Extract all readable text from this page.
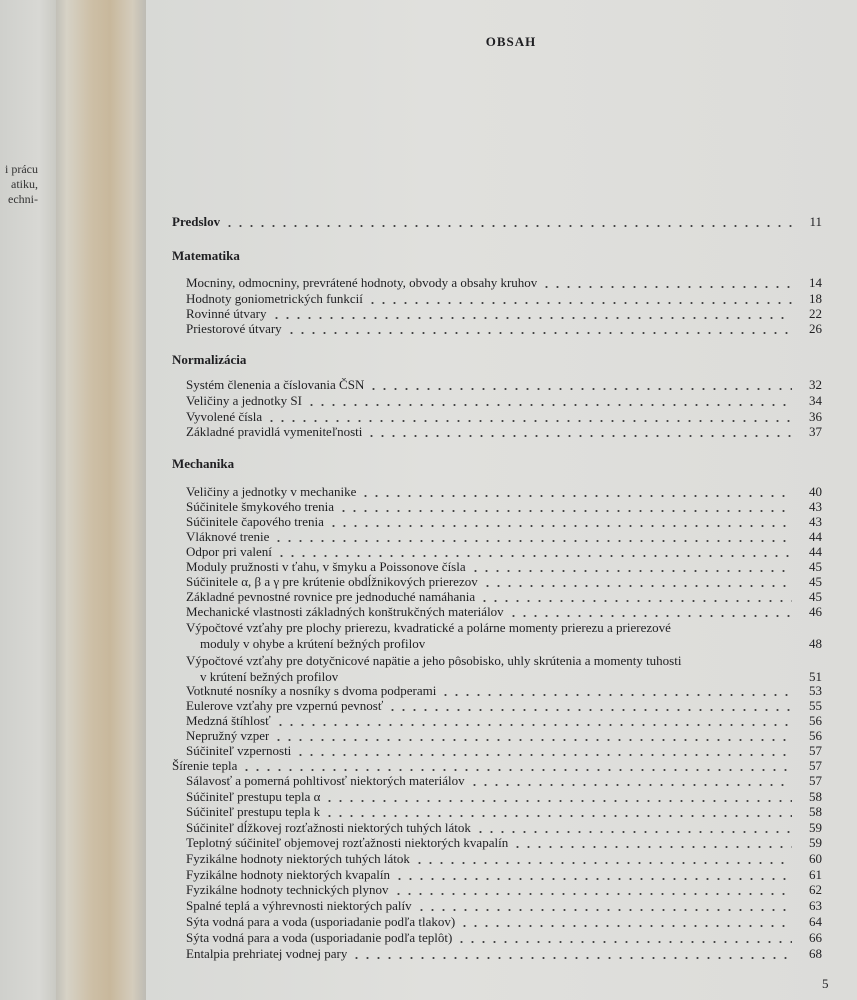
i prácu
atiku,
echni-
OBSAH
Predslov	11
Matematika
Mocniny, odmocniny, prevrátené hodnoty, obvody a obsahy kruhov	14
Hodnoty goniometrických funkcií	18
Rovinné útvary	22
Priestorové útvary	26
Normalizácia
Systém členenia a číslovania ČSN	32
Veličiny a jednotky SI	34
Vyvolené čísla	36
Základné pravidlá vymeniteľnosti	37
Mechanika
Veličiny a jednotky v mechanike	40
Súčinitele šmykového trenia	43
Súčinitele čapového trenia	43
Vláknové trenie	44
Odpor pri valení	44
Moduly pružnosti v ťahu, v šmyku a Poissonove čísla	45
Súčinitele α, β a γ pre krútenie obdĺžnikových prierezov	45
Základné pevnostné rovnice pre jednoduché namáhania	45
Mechanické vlastnosti základných konštrukčných materiálov	46
Výpočtové vzťahy pre plochy prierezu, kvadratické a polárne momenty prierezu a prierezové
moduly v ohybe a krútení bežných profilov	48
Výpočtové vzťahy pre dotyčnicové napätie a jeho pôsobisko, uhly skrútenia a momenty tuhosti
v krútení bežných profilov	51
Votknuté nosníky a nosníky s dvoma podperami	53
Eulerove vzťahy pre vzpernú pevnosť	55
Medzná štíhlosť	56
Nepružný vzper	56
Súčiniteľ vzpernosti	57
Šírenie tepla	57
Sálavosť a pomerná pohltivosť niektorých materiálov	57
Súčiniteľ prestupu tepla α	58
Súčiniteľ prestupu tepla k	58
Súčiniteľ dĺžkovej rozťažnosti niektorých tuhých látok	59
Teplotný súčiniteľ objemovej rozťažnosti niektorých kvapalín	59
Fyzikálne hodnoty niektorých tuhých látok	60
Fyzikálne hodnoty niektorých kvapalín	61
Fyzikálne hodnoty technických plynov	62
Spalné teplá a výhrevnosti niektorých palív	63
Sýta vodná para a voda (usporiadanie podľa tlakov)	64
Sýta vodná para a voda (usporiadanie podľa teplôt)	66
Entalpia prehriatej vodnej pary	68
5
